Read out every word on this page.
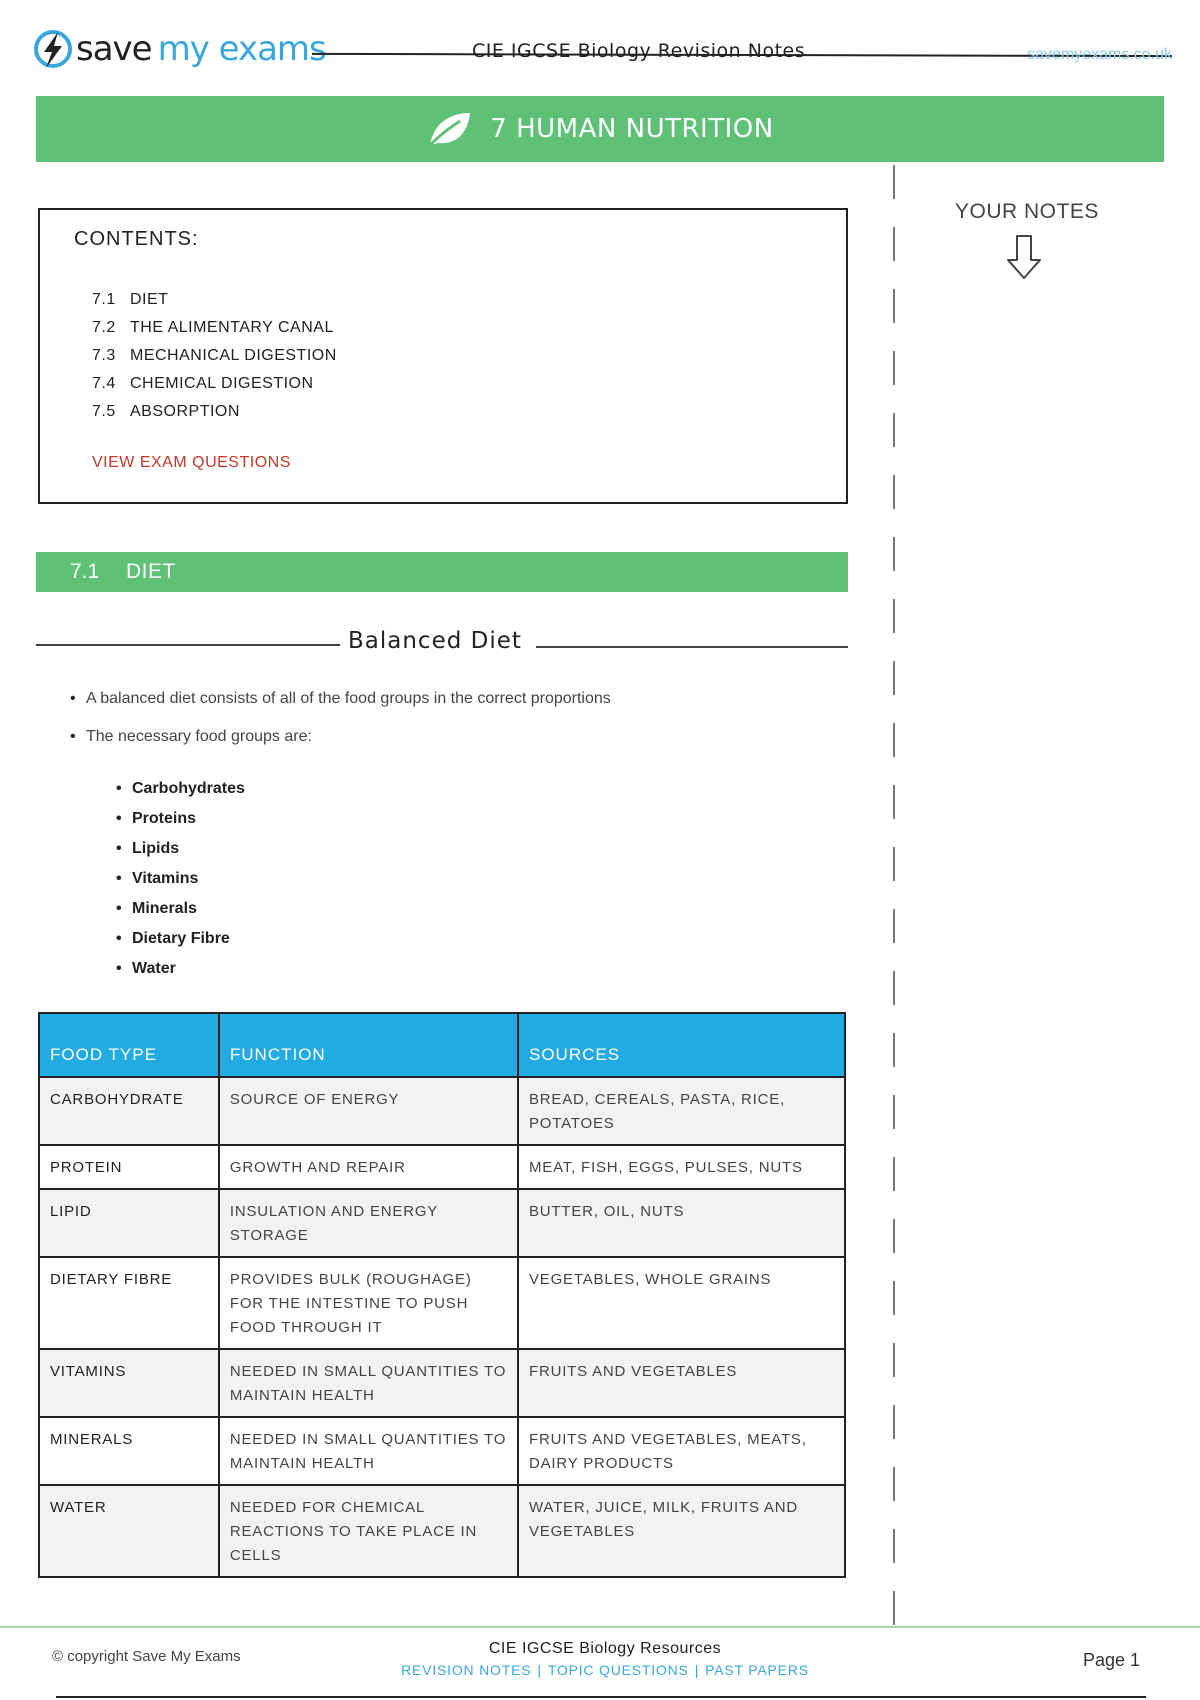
save my exams	CIE IGCSE Biology Revision Notes	savemyexams.co.uk
7 HUMAN NUTRITION
YOUR NOTES
CONTENTS:
7.1 DIET
7.2 THE ALIMENTARY CANAL
7.3 MECHANICAL DIGESTION
7.4 CHEMICAL DIGESTION
7.5 ABSORPTION
VIEW EXAM QUESTIONS
7.1	DIET
Balanced Diet
• A balanced diet consists of all of the food groups in the correct proportions
• The necessary food groups are:
• Carbohydrates
• Proteins
• Lipids
• Vitamins
• Minerals
• Dietary Fibre
• Water
FOOD TYPE	FUNCTION	SOURCES
CARBOHYDRATE	SOURCE OF ENERGY	BREAD, CEREALS, PASTA, RICE, POTATOES
PROTEIN	GROWTH AND REPAIR	MEAT, FISH, EGGS, PULSES, NUTS
LIPID	INSULATION AND ENERGY STORAGE	BUTTER, OIL, NUTS
DIETARY FIBRE	PROVIDES BULK (ROUGHAGE) FOR THE INTESTINE TO PUSH FOOD THROUGH IT	VEGETABLES, WHOLE GRAINS
VITAMINS	NEEDED IN SMALL QUANTITIES TO MAINTAIN HEALTH	FRUITS AND VEGETABLES
MINERALS	NEEDED IN SMALL QUANTITIES TO MAINTAIN HEALTH	FRUITS AND VEGETABLES, MEATS, DAIRY PRODUCTS
WATER	NEEDED FOR CHEMICAL REACTIONS TO TAKE PLACE IN CELLS	WATER, JUICE, MILK, FRUITS AND VEGETABLES
© copyright Save My Exams	CIE IGCSE Biology Resources
REVISION NOTES | TOPIC QUESTIONS | PAST PAPERS	Page 1
